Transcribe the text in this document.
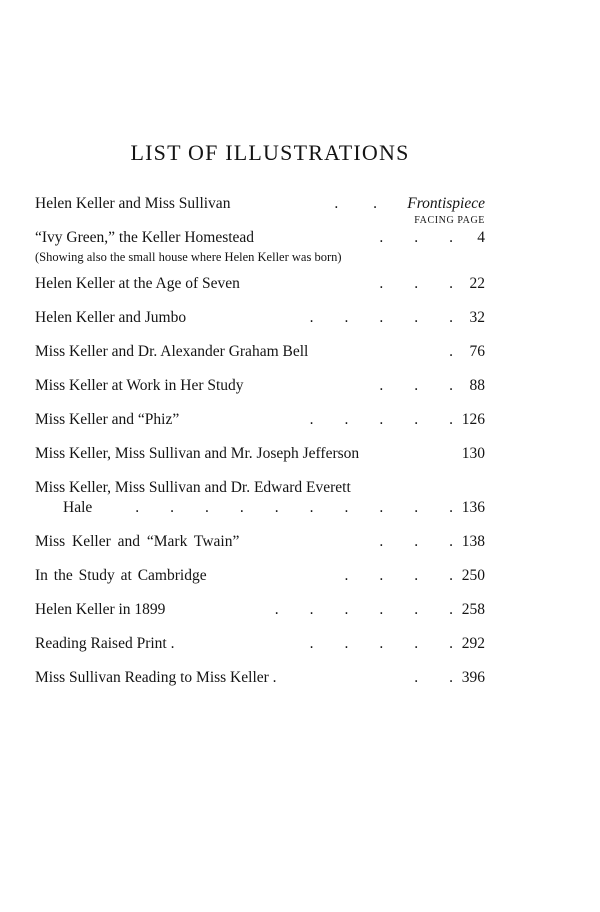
LIST OF ILLUSTRATIONS
Helen Keller and Miss Sullivan	.         . Frontispiece
FACING PAGE
“Ivy Green,” the Keller Homestead	.        .        . 4
(Showing also the small house where Helen Keller was born)
Helen Keller at the Age of Seven	.        .        . 22
Helen Keller and Jumbo	.        .        .        .        . 32
Miss Keller and Dr. Alexander Graham Bell	. 76
Miss Keller at Work in Her Study	.        .        . 88
Miss Keller and “Phiz”	.        .        .        .        . 126
Miss Keller, Miss Sullivan and Mr. Joseph Jefferson	130
Miss Keller, Miss Sullivan and Dr. Edward Everett
Hale	.        .        .        .        .        .        .        .        .        . 136
Miss Keller and “Mark Twain”	.        .        . 138
In the Study at Cambridge	.        .        .        . 250
Helen Keller in 1899	.        .        .        .        .        . 258
Reading Raised Print .	.        .        .        .        . 292
Miss Sullivan Reading to Miss Keller .	.        . 396
